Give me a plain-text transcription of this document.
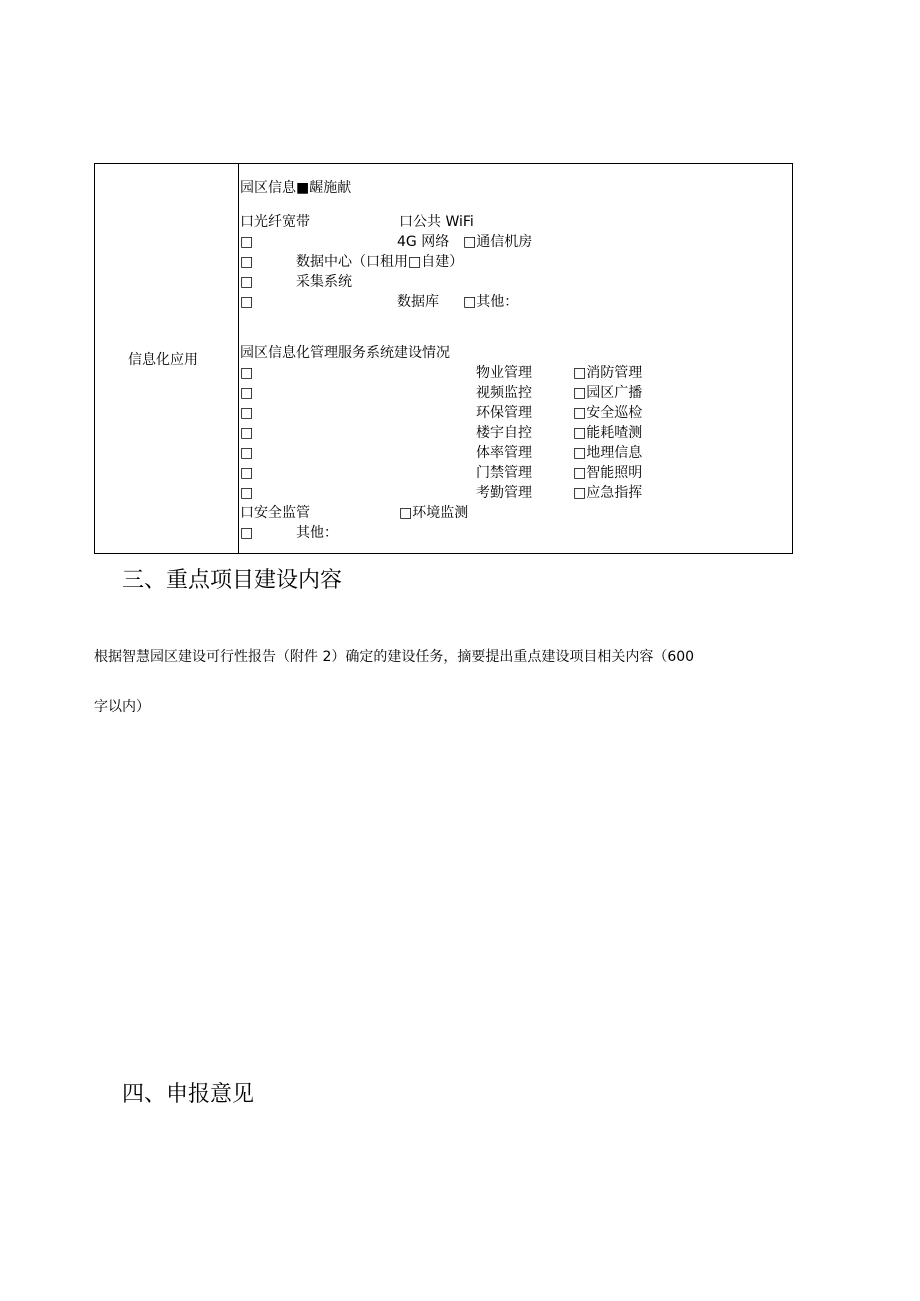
信息化应用
园区信息■龌施献
口光纤宽带	口公共 WiFi
□	4G 网络 □通信机房
□	数据中心（口租用□自建）
□	采集系统
□	数据库 □其他：
园区信息化管理服务系统建设情况
□	物业管理	□消防管理
□	视频监控	□园区广播
□	环保管理	□安全巡检
□	楼宇自控	□能耗喳测
□	体率管理	□地理信息
□	门禁管理	□智能照明
□	考勤管理	□应急指挥
口安全监管	□环境监测
□	其他：
三、重点项目建设内容
根据智慧园区建设可行性报告（附件 2）确定的建设任务，摘要提出重点建设项目相关内容（600
字以内）
四、申报意见
